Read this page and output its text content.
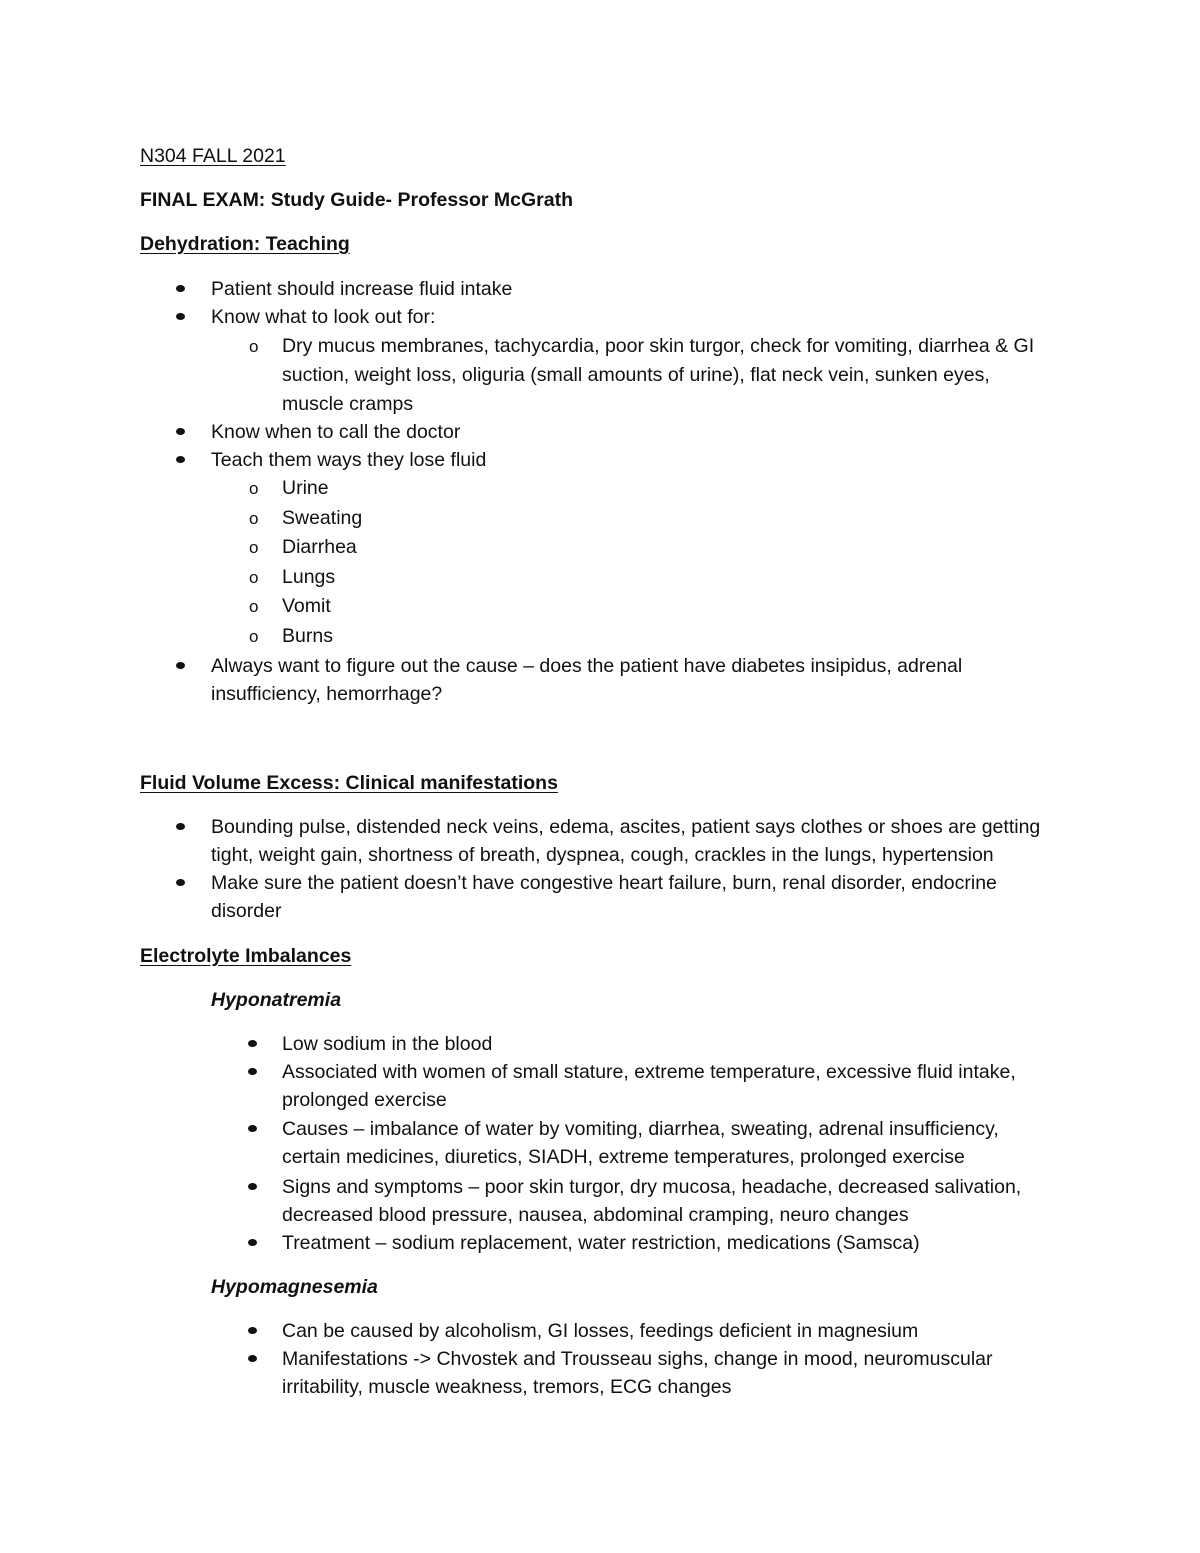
N304 FALL 2021
FINAL EXAM: Study Guide- Professor McGrath
Dehydration: Teaching
Patient should increase fluid intake
Know what to look out for:
o Dry mucus membranes, tachycardia, poor skin turgor, check for vomiting, diarrhea & GI
suction, weight loss, oliguria (small amounts of urine), flat neck vein, sunken eyes,
muscle cramps
Know when to call the doctor
Teach them ways they lose fluid
o Urine
o Sweating
o Diarrhea
o Lungs
o Vomit
o Burns
Always want to figure out the cause – does the patient have diabetes insipidus, adrenal
insufficiency, hemorrhage?
Fluid Volume Excess: Clinical manifestations
Bounding pulse, distended neck veins, edema, ascites, patient says clothes or shoes are getting
tight, weight gain, shortness of breath, dyspnea, cough, crackles in the lungs, hypertension
Make sure the patient doesn’t have congestive heart failure, burn, renal disorder, endocrine
disorder
Electrolyte Imbalances
Hyponatremia
Low sodium in the blood
Associated with women of small stature, extreme temperature, excessive fluid intake,
prolonged exercise
Causes – imbalance of water by vomiting, diarrhea, sweating, adrenal insufficiency,
certain medicines, diuretics, SIADH, extreme temperatures, prolonged exercise
Signs and symptoms – poor skin turgor, dry mucosa, headache, decreased salivation,
decreased blood pressure, nausea, abdominal cramping, neuro changes
Treatment – sodium replacement, water restriction, medications (Samsca)
Hypomagnesemia
Can be caused by alcoholism, GI losses, feedings deficient in magnesium
Manifestations -> Chvostek and Trousseau sighs, change in mood, neuromuscular
irritability, muscle weakness, tremors, ECG changes
